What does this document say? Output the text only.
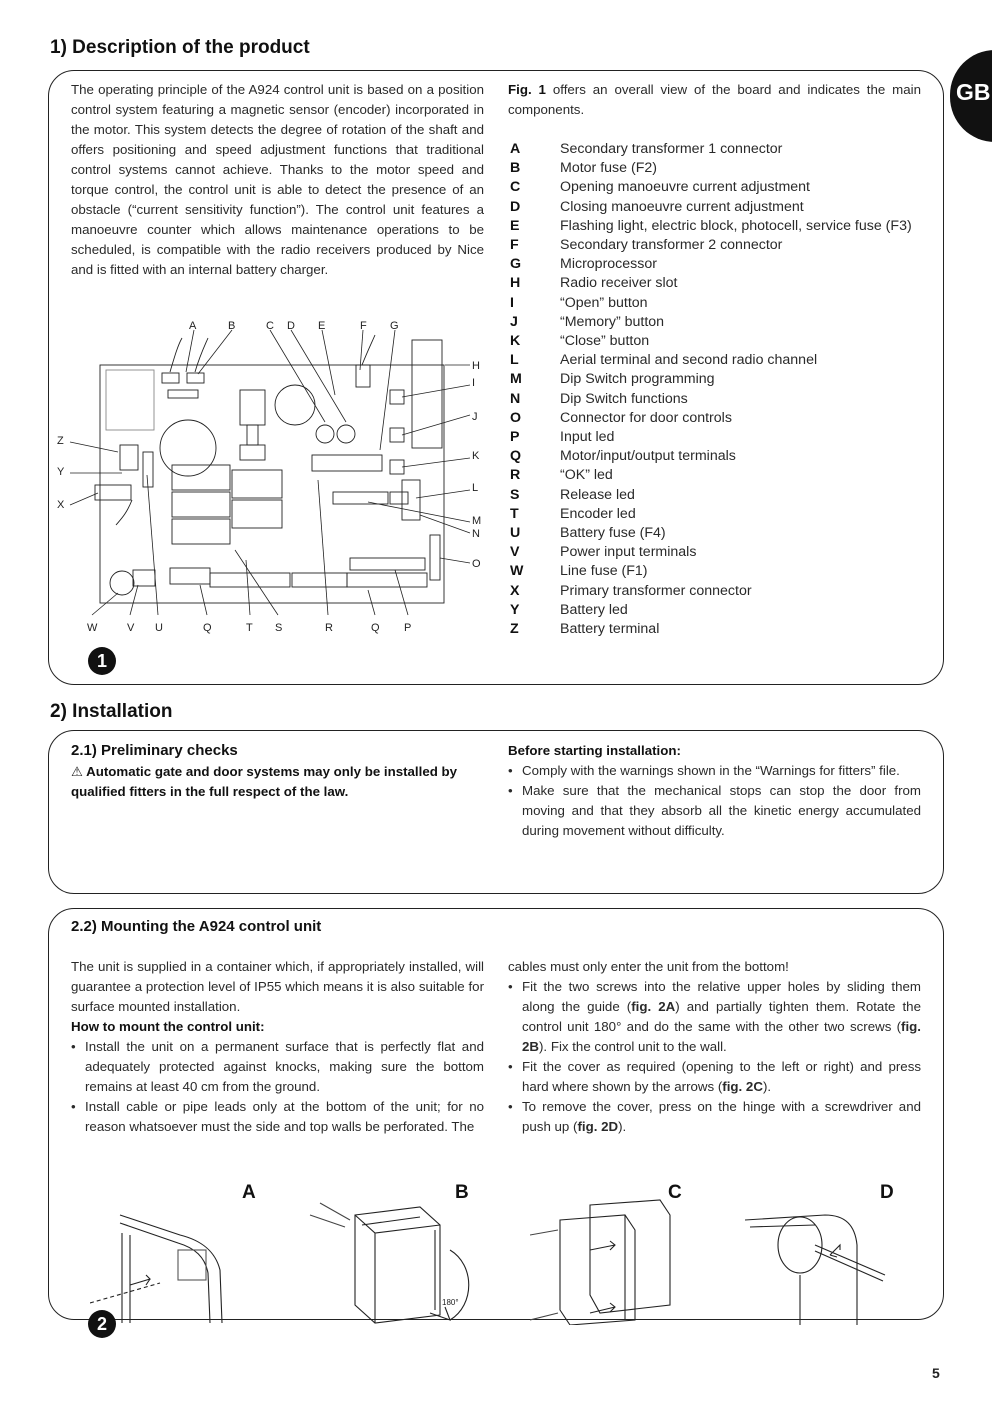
GB
1) Description of the product

The operating principle of the A924 control unit is based on a position control system featuring a magnetic sensor (encoder) incorporated in the motor. This system detects the degree of rotation of the shaft and offers positioning and speed adjustment functions that traditional control systems cannot achieve. Thanks to the motor speed and torque control, the control unit is able to detect the presence of an obstacle (“current sensitivity function”). The control unit features a manoeuvre counter which allows maintenance operations to be scheduled, is compatible with the radio receivers produced by Nice and is fitted with an internal battery charger.

Fig. 1 offers an overall view of the board and indicates the main components.

A	Secondary transformer 1 connector
B	Motor fuse (F2)
C	Opening manoeuvre current adjustment
D	Closing manoeuvre current adjustment
E	Flashing light, electric block, photocell, service fuse (F3)
F	Secondary transformer 2 connector
G	Microprocessor
H	Radio receiver slot
I	“Open” button
J	“Memory” button
K	“Close” button
L	Aerial terminal and second radio channel
M	Dip Switch programming
N	Dip Switch functions
O	Connector for door controls
P	Input led
Q	Motor/input/output terminals
R	“OK” led
S	Release led
T	Encoder led
U	Battery fuse (F4)
V	Power input terminals
W	Line fuse (F1)
X	Primary transformer connector
Y	Battery led
Z	Battery terminal
A	B	C D E	F G
H
I
J
K
L
M
N
O
Z
Y
X
W	V U	Q	T S	R	Q P
1
2) Installation

2.1) Preliminary checks

⚠ Automatic gate and door systems may only be installed by qualified fitters in the full respect of the law.

Before starting installation:

• Comply with the warnings shown in the “Warnings for fitters” file.
• Make sure that the mechanical stops can stop the door from moving and that they absorb all the kinetic energy accumulated during movement without difficulty.

2.2) Mounting the A924 control unit

The unit is supplied in a container which, if appropriately installed, will guarantee a protection level of IP55 which means it is also suitable for surface mounted installation.

How to mount the control unit:

• Install the unit on a permanent surface that is perfectly flat and adequately protected against knocks, making sure the bottom remains at least 40 cm from the ground.
• Install cable or pipe leads only at the bottom of the unit; for no reason whatsoever must the side and top walls be perforated. The

cables must only enter the unit from the bottom!

• Fit the two screws into the relative upper holes by sliding them along the guide (fig. 2A) and partially tighten them. Rotate the control unit 180° and do the same with the other two screws (fig. 2B). Fix the control unit to the wall.
• Fit the cover as required (opening to the left or right) and press hard where shown by the arrows (fig. 2C).
• To remove the cover, press on the hinge with a screwdriver and push up (fig. 2D).
A	B	C	D
180°
2
5
